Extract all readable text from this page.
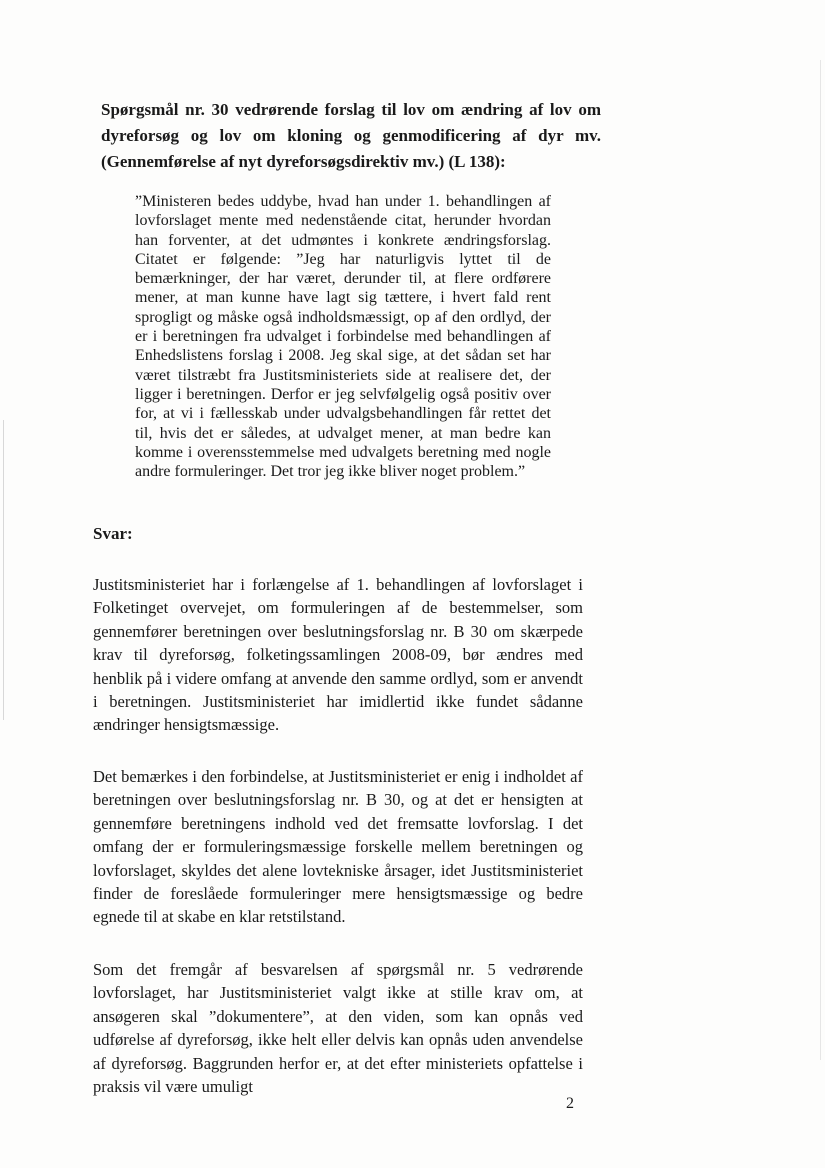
Spørgsmål nr. 30 vedrørende forslag til lov om ændring af lov om dyreforsøg og lov om kloning og genmodificering af dyr mv. (Gennemførelse af nyt dyreforsøgsdirektiv mv.) (L 138):

”Ministeren bedes uddybe, hvad han under 1. behandlingen af lovforslaget mente med nedenstående citat, herunder hvordan han forventer, at det udmøntes i konkrete ændringsforslag. Citatet er følgende: ”Jeg har naturligvis lyttet til de bemærkninger, der har været, derunder til, at flere ordførere mener, at man kunne have lagt sig tættere, i hvert fald rent sprogligt og måske også indholdsmæssigt, op af den ordlyd, der er i beretningen fra udvalget i forbindelse med behandlingen af Enhedslistens forslag i 2008. Jeg skal sige, at det sådan set har været tilstræbt fra Justitsministeriets side at realisere det, der ligger i beretningen. Derfor er jeg selvfølgelig også positiv over for, at vi i fællesskab under udvalgsbehandlingen får rettet det til, hvis det er således, at udvalget mener, at man bedre kan komme i overensstemmelse med udvalgets beretning med nogle andre formuleringer. Det tror jeg ikke bliver noget problem.”

Svar:

Justitsministeriet har i forlængelse af 1. behandlingen af lovforslaget i Folketinget overvejet, om formuleringen af de bestemmelser, som gennemfører beretningen over beslutningsforslag nr. B 30 om skærpede krav til dyreforsøg, folketingssamlingen 2008-09, bør ændres med henblik på i videre omfang at anvende den samme ordlyd, som er anvendt i beretningen. Justitsministeriet har imidlertid ikke fundet sådanne ændringer hensigtsmæssige.

Det bemærkes i den forbindelse, at Justitsministeriet er enig i indholdet af beretningen over beslutningsforslag nr. B 30, og at det er hensigten at gennemføre beretningens indhold ved det fremsatte lovforslag. I det omfang der er formuleringsmæssige forskelle mellem beretningen og lovforslaget, skyldes det alene lovtekniske årsager, idet Justitsministeriet finder de foreslåede formuleringer mere hensigtsmæssige og bedre egnede til at skabe en klar retstilstand.

Som det fremgår af besvarelsen af spørgsmål nr. 5 vedrørende lovforslaget, har Justitsministeriet valgt ikke at stille krav om, at ansøgeren skal ”dokumentere”, at den viden, som kan opnås ved udførelse af dyreforsøg, ikke helt eller delvis kan opnås uden anvendelse af dyreforsøg. Baggrunden herfor er, at det efter ministeriets opfattelse i praksis vil være umuligt

2
